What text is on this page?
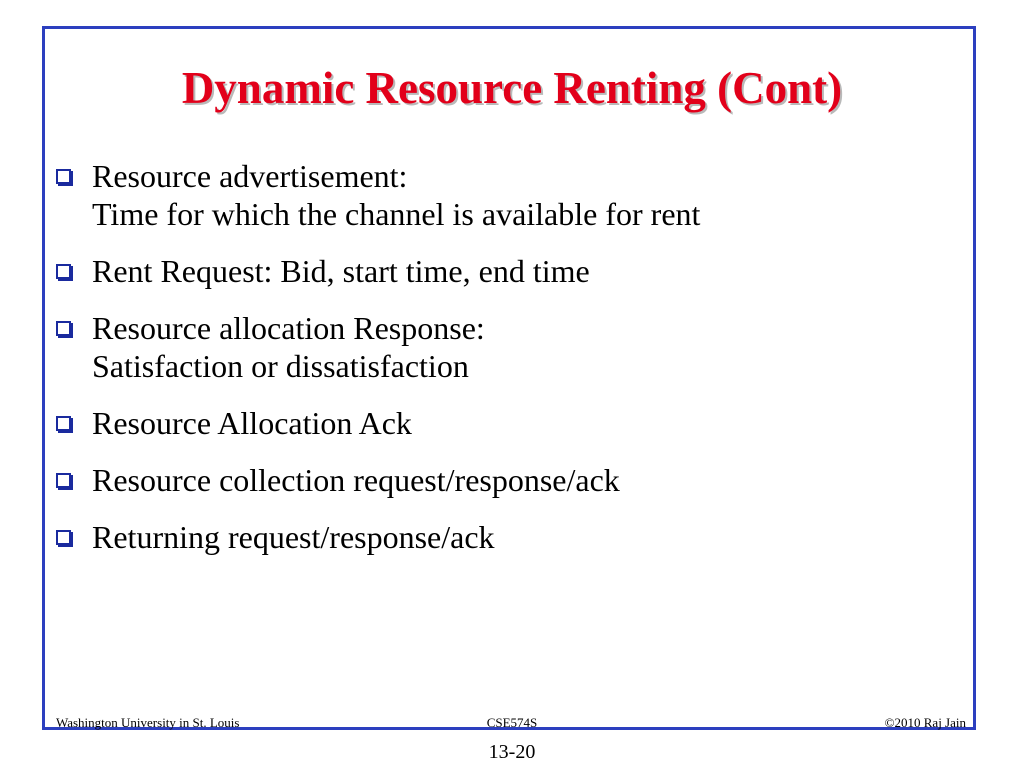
Dynamic Resource Renting (Cont)
Resource advertisement:
Time for which the channel is available for rent
Rent Request: Bid, start time, end time
Resource allocation Response:
Satisfaction or dissatisfaction
Resource Allocation Ack
Resource collection request/response/ack
Returning request/response/ack
Washington University in St. Louis	CSE574S	©2010 Raj Jain
13-20
